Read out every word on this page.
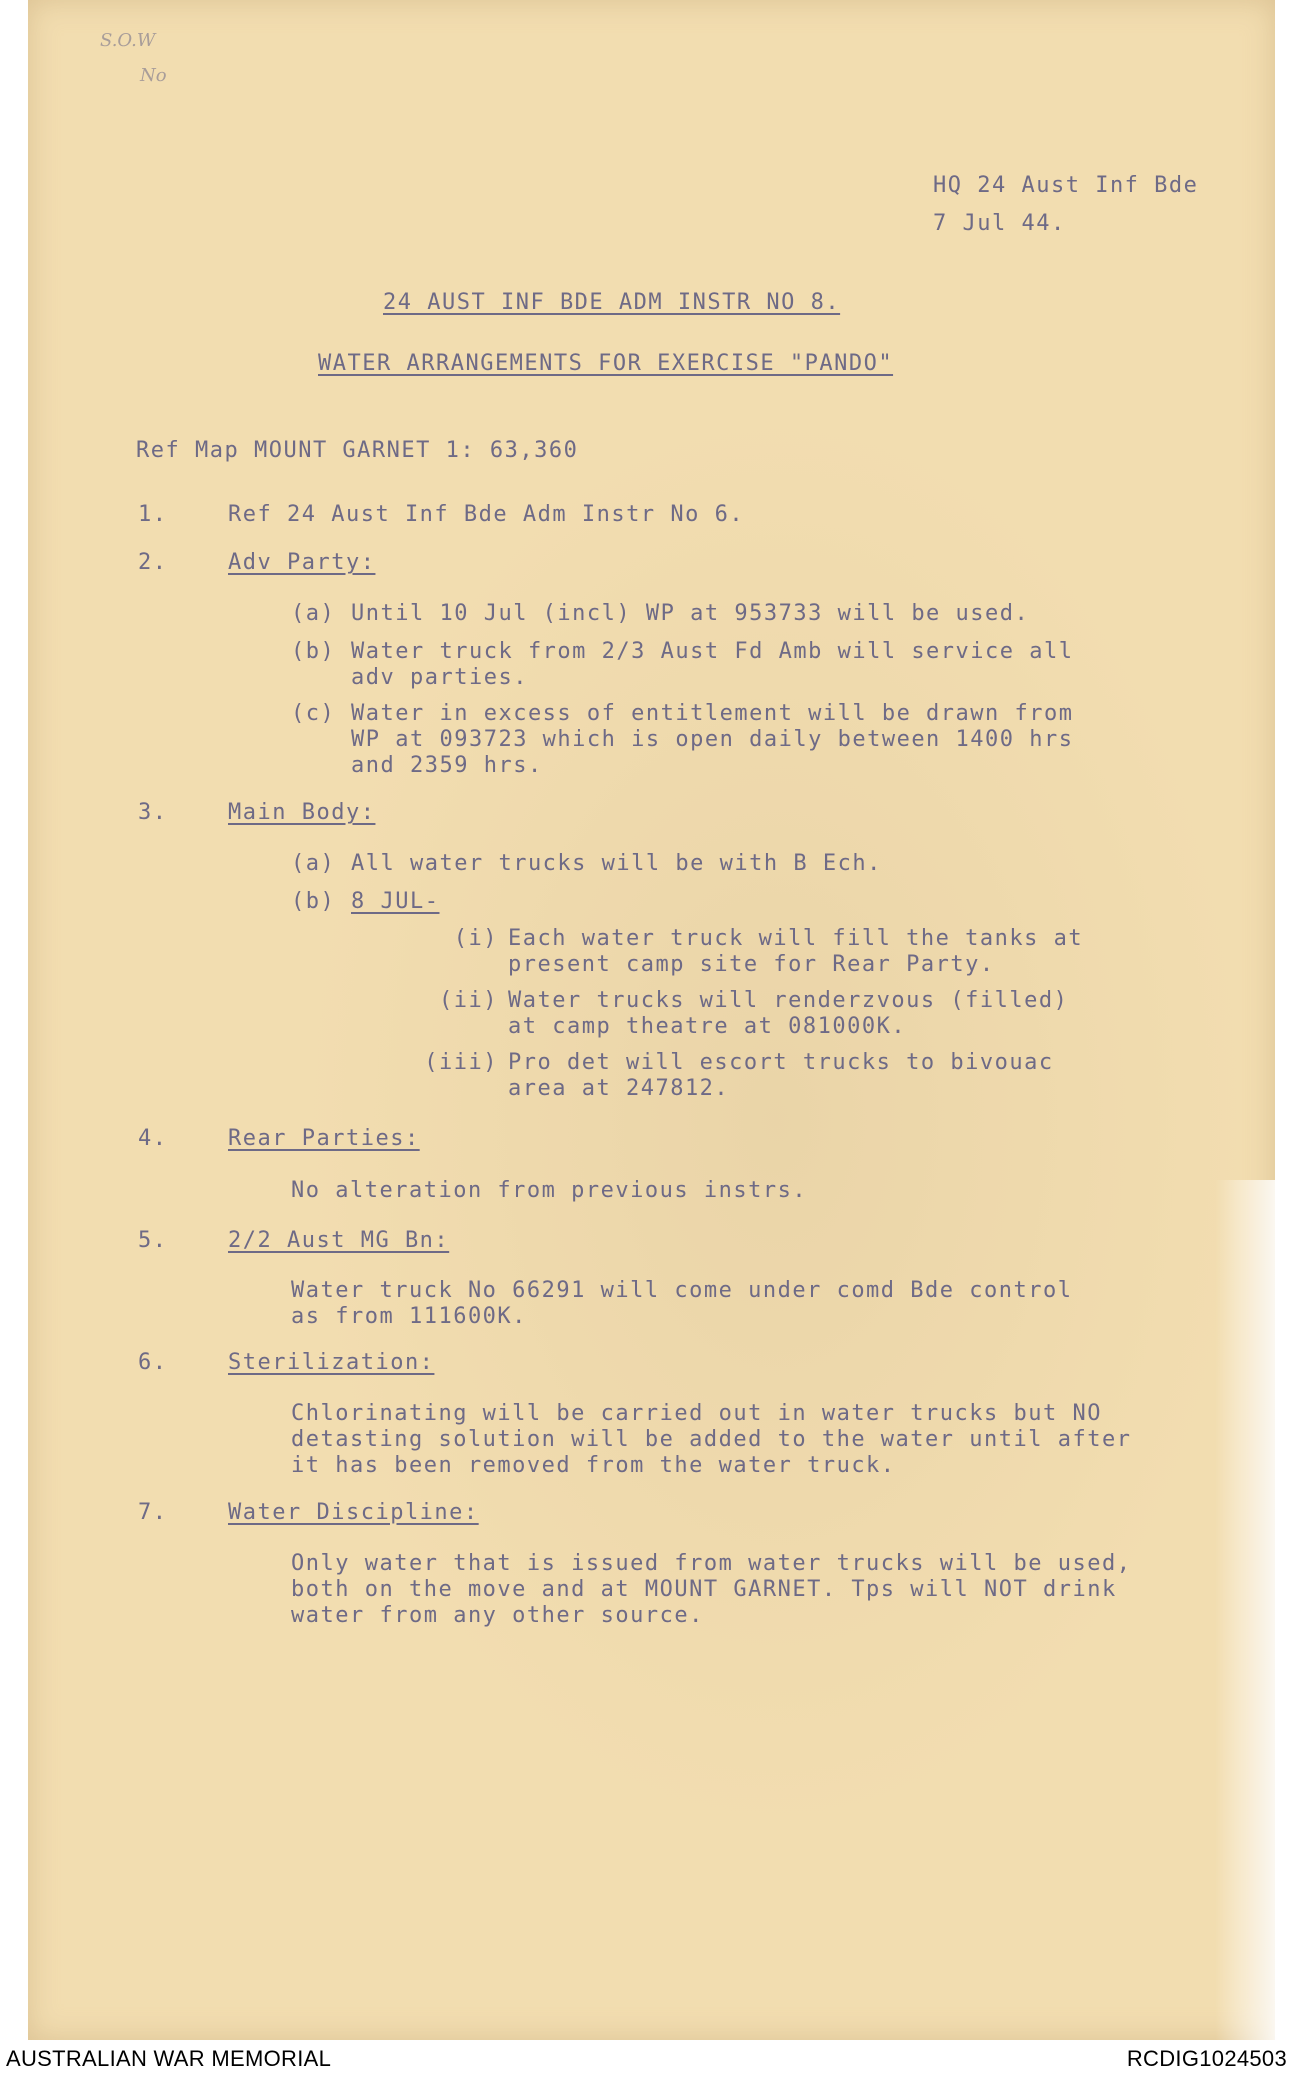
S.O.W
No
HQ 24 Aust Inf Bde
7 Jul 44.
24 AUST INF BDE ADM INSTR NO 8.
WATER ARRANGEMENTS FOR EXERCISE "PANDO"
Ref Map MOUNT GARNET 1: 63,360
1.	Ref 24 Aust Inf Bde Adm Instr No 6.
2.	Adv Party:
(a) Until 10 Jul (incl) WP at 953733 will be used.
(b) Water truck from 2/3 Aust Fd Amb will service all
adv parties.
(c) Water in excess of entitlement will be drawn from
WP at 093723 which is open daily between 1400 hrs
and 2359 hrs.
3.	Main Body:
(a) All water trucks will be with B Ech.
(b) 8 JUL-
(i) Each water truck will fill the tanks at
present camp site for Rear Party.
(ii) Water trucks will renderzvous (filled)
at camp theatre at 081000K.
(iii) Pro det will escort trucks to bivouac
area at 247812.
4.	Rear Parties:
No alteration from previous instrs.
5.	2/2 Aust MG Bn:
Water truck No 66291 will come under comd Bde control
as from 111600K.
6.	Sterilization:
Chlorinating will be carried out in water trucks but NO
detasting solution will be added to the water until after
it has been removed from the water truck.
7.	Water Discipline:
Only water that is issued from water trucks will be used,
both on the move and at MOUNT GARNET. Tps will NOT drink
water from any other source.
AUSTRALIAN WAR MEMORIAL	RCDIG1024503
